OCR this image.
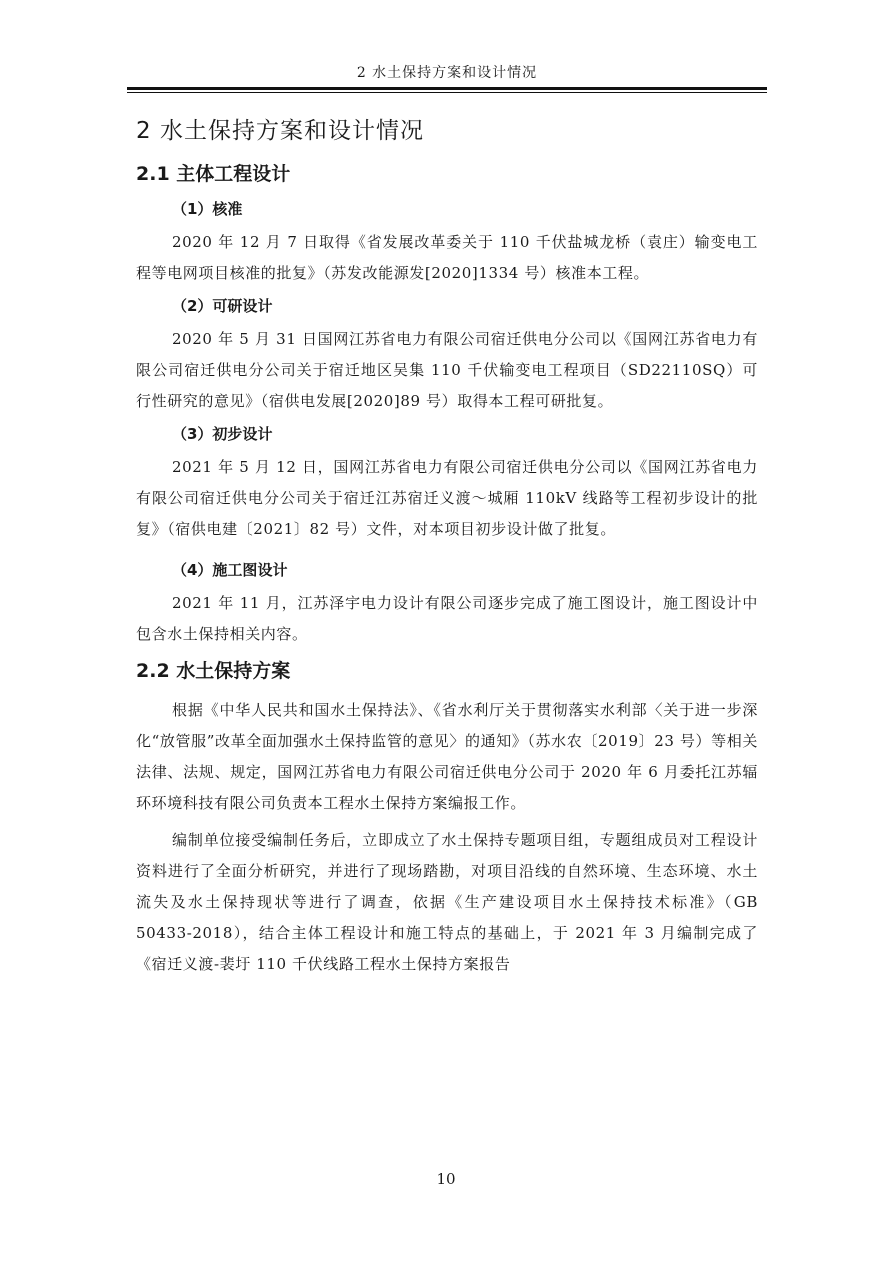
2 水土保持方案和设计情况
2 水土保持方案和设计情况
2.1 主体工程设计
（1）核准

2020 年 12 月 7 日取得《省发展改革委关于 110 千伏盐城龙桥（袁庄）输变电工程等电网项目核准的批复》（苏发改能源发[2020]1334 号）核准本工程。

（2）可研设计

2020 年 5 月 31 日国网江苏省电力有限公司宿迁供电分公司以《国网江苏省电力有限公司宿迁供电分公司关于宿迁地区吴集 110 千伏输变电工程项目（SD22110SQ）可行性研究的意见》（宿供电发展[2020]89 号）取得本工程可研批复。

（3）初步设计

2021 年 5 月 12 日，国网江苏省电力有限公司宿迁供电分公司以《国网江苏省电力有限公司宿迁供电分公司关于宿迁江苏宿迁义渡～城厢 110kV 线路等工程初步设计的批复》（宿供电建〔2021〕82 号）文件，对本项目初步设计做了批复。

（4）施工图设计

2021 年 11 月，江苏泽宇电力设计有限公司逐步完成了施工图设计，施工图设计中包含水土保持相关内容。

2.2 水土保持方案

根据《中华人民共和国水土保持法》、《省水利厅关于贯彻落实水利部〈关于进一步深化“放管服”改革全面加强水土保持监管的意见〉的通知》（苏水农〔2019〕23 号）等相关法律、法规、规定，国网江苏省电力有限公司宿迁供电分公司于 2020 年 6 月委托江苏辐环环境科技有限公司负责本工程水土保持方案编报工作。

编制单位接受编制任务后，立即成立了水土保持专题项目组，专题组成员对工程设计资料进行了全面分析研究，并进行了现场踏勘，对项目沿线的自然环境、生态环境、水土流失及水土保持现状等进行了调查，依据《生产建设项目水土保持技术标准》（GB 50433-2018），结合主体工程设计和施工特点的基础上，于 2021 年 3 月编制完成了《宿迁义渡-裴圩 110 千伏线路工程水土保持方案报告

10
